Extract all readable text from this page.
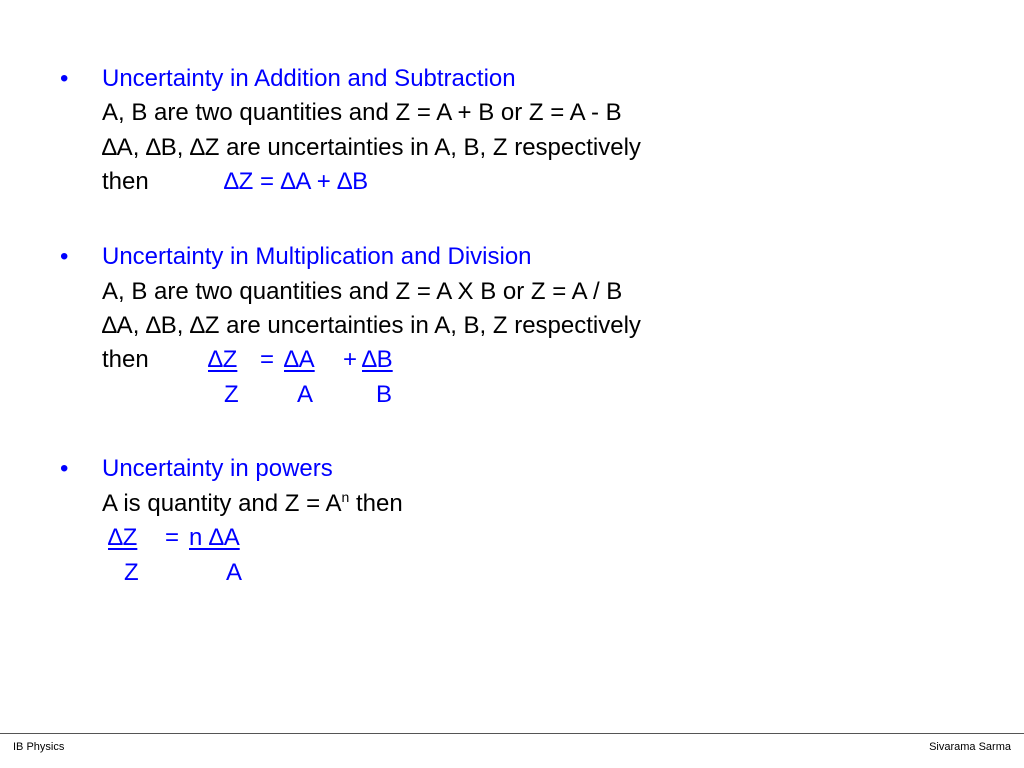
• Uncertainty in Addition and Subtraction
A, B are two quantities and Z = A + B or Z = A - B
∆A, ∆B, ∆Z are uncertainties in A, B, Z respectively
then	∆Z = ∆A + ∆B
• Uncertainty in Multiplication and Division
A, B are two quantities and Z = A X B or Z = A / B
∆A, ∆B, ∆Z are uncertainties in A, B, Z respectively
then ∆Z = ∆A + ∆B
Z A	B
• Uncertainty in powers
A is quantity and $Z = A^n$ then
∆Z = n ∆A
Z	A
IB Physics	Sivarama Sarma
